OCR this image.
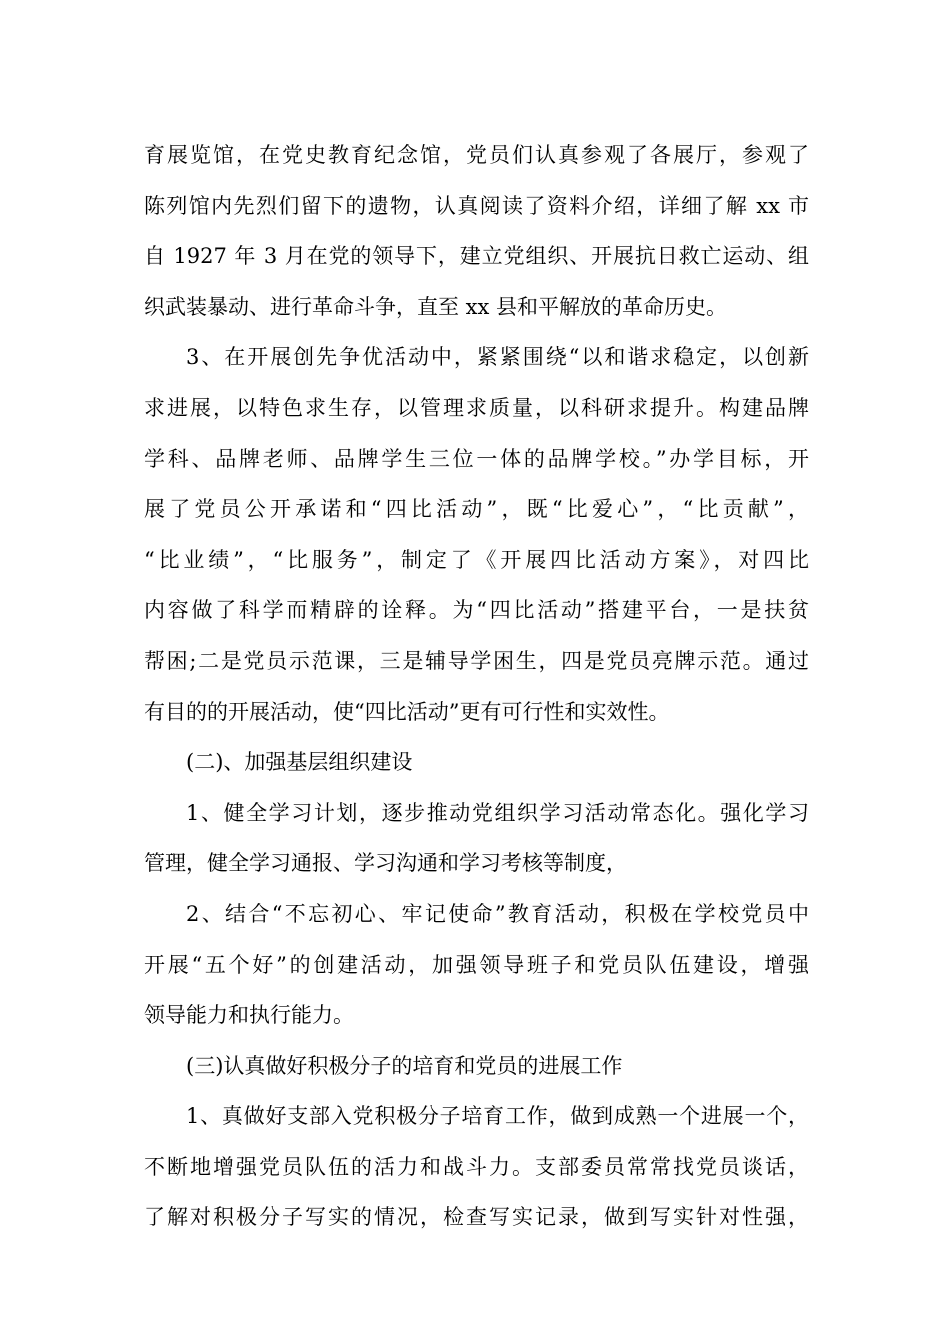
育展览馆，在党史教育纪念馆，党员们认真参观了各展厅，参观了
陈列馆内先烈们留下的遗物，认真阅读了资料介绍，详细了解 xx 市
自 1927 年 3 月在党的领导下，建立党组织、开展抗日救亡运动、组
织武装暴动、进行革命斗争，直至 xx 县和平解放的革命历史。
3、在开展创先争优活动中，紧紧围绕“以和谐求稳定，以创新
求进展，以特色求生存，以管理求质量，以科研求提升。构建品牌
学科、品牌老师、品牌学生三位一体的品牌学校。”办学目标，开
展了党员公开承诺和“四比活动”，既“比爱心”，“比贡献”，
“比业绩”，“比服务”，制定了《开展四比活动方案》，对四比
内容做了科学而精辟的诠释。为“四比活动”搭建平台，一是扶贫
帮困;二是党员示范课，三是辅导学困生，四是党员亮牌示范。通过
有目的的开展活动，使“四比活动”更有可行性和实效性。
(二)、加强基层组织建设
1、健全学习计划，逐步推动党组织学习活动常态化。强化学习
管理，健全学习通报、学习沟通和学习考核等制度，
2、结合“不忘初心、牢记使命”教育活动，积极在学校党员中
开展“五个好”的创建活动，加强领导班子和党员队伍建设，增强
领导能力和执行能力。
(三)认真做好积极分子的培育和党员的进展工作
1、真做好支部入党积极分子培育工作，做到成熟一个进展一个，
不断地增强党员队伍的活力和战斗力。支部委员常常找党员谈话，
了解对积极分子写实的情况，检查写实记录，做到写实针对性强，
